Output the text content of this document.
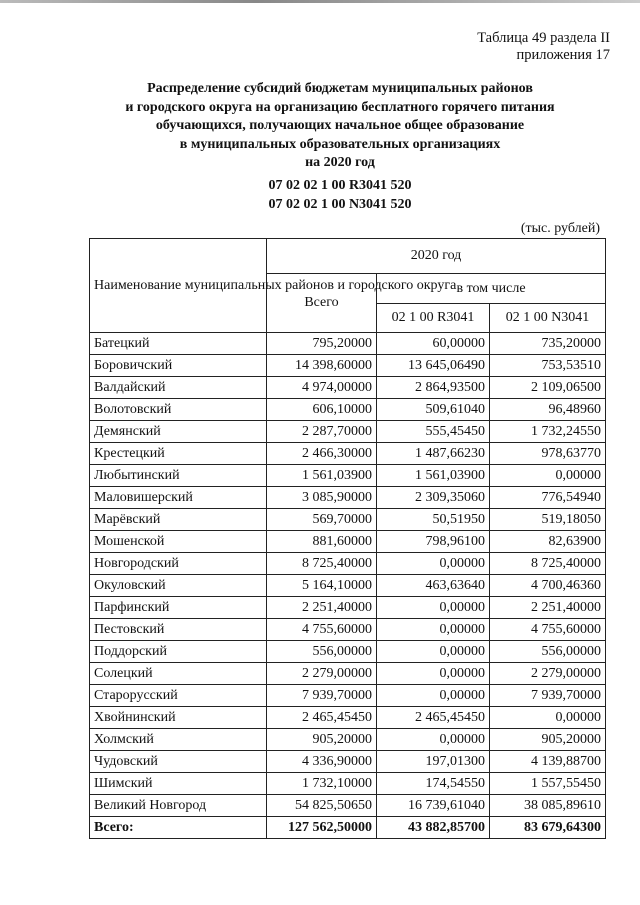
Таблица 49 раздела II
приложения 17
Распределение субсидий бюджетам муниципальных районов
и городского округа на организацию бесплатного горячего питания
обучающихся, получающих начальное общее образование
в муниципальных образовательных организациях
на 2020 год
07 02 02 1 00 R3041 520
07 02 02 1 00 N3041 520
(тыс. рублей)
Наименование муниципальных районов и городского округа	2020 год		
	Всего	в том числе	
		02 1 00 R3041	02 1 00 N3041
Батецкий	795,20000	60,00000	735,20000
Боровичский	14 398,60000	13 645,06490	753,53510
Валдайский	4 974,00000	2 864,93500	2 109,06500
Волотовский	606,10000	509,61040	96,48960
Демянский	2 287,70000	555,45450	1 732,24550
Крестецкий	2 466,30000	1 487,66230	978,63770
Любытинский	1 561,03900	1 561,03900	0,00000
Маловишерский	3 085,90000	2 309,35060	776,54940
Марёвский	569,70000	50,51950	519,18050
Мошенской	881,60000	798,96100	82,63900
Новгородский	8 725,40000	0,00000	8 725,40000
Окуловский	5 164,10000	463,63640	4 700,46360
Парфинский	2 251,40000	0,00000	2 251,40000
Пестовский	4 755,60000	0,00000	4 755,60000
Поддорский	556,00000	0,00000	556,00000
Солецкий	2 279,00000	0,00000	2 279,00000
Старорусский	7 939,70000	0,00000	7 939,70000
Хвойнинский	2 465,45450	2 465,45450	0,00000
Холмский	905,20000	0,00000	905,20000
Чудовский	4 336,90000	197,01300	4 139,88700
Шимский	1 732,10000	174,54550	1 557,55450
Великий Новгород	54 825,50650	16 739,61040	38 085,89610
Всего:	127 562,50000	43 882,85700	83 679,64300
